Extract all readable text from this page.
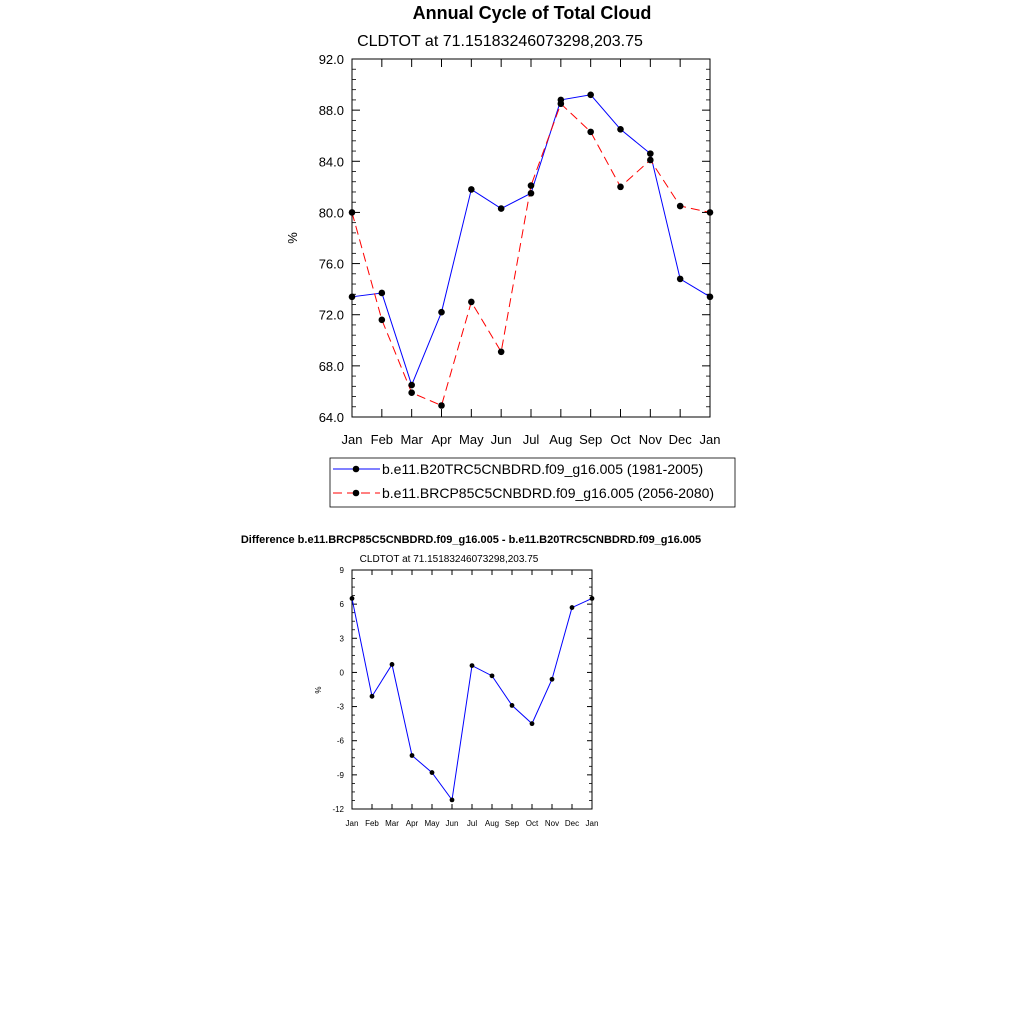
Annual Cycle of Total Cloud
CLDTOT at 71.15183246073298,203.75
%
Jan Feb Mar Apr May Jun Jul Aug Sep Oct Nov Dec Jan
64.0
68.0
72.0
76.0
80.0
84.0
88.0
92.0
b.e11.B20TRC5CNBDRD.f09_g16.005 (1981-2005)
b.e11.BRCP85C5CNBDRD.f09_g16.005 (2056-2080)
Difference b.e11.BRCP85C5CNBDRD.f09_g16.005 - b.e11.B20TRC5CNBDRD.f09_g16.005
CLDTOT at 71.15183246073298,203.75
%
Jan Feb Mar Apr May Jun Jul Aug Sep Oct Nov Dec Jan
-12
-9
-6
-3
0
3
6
9
